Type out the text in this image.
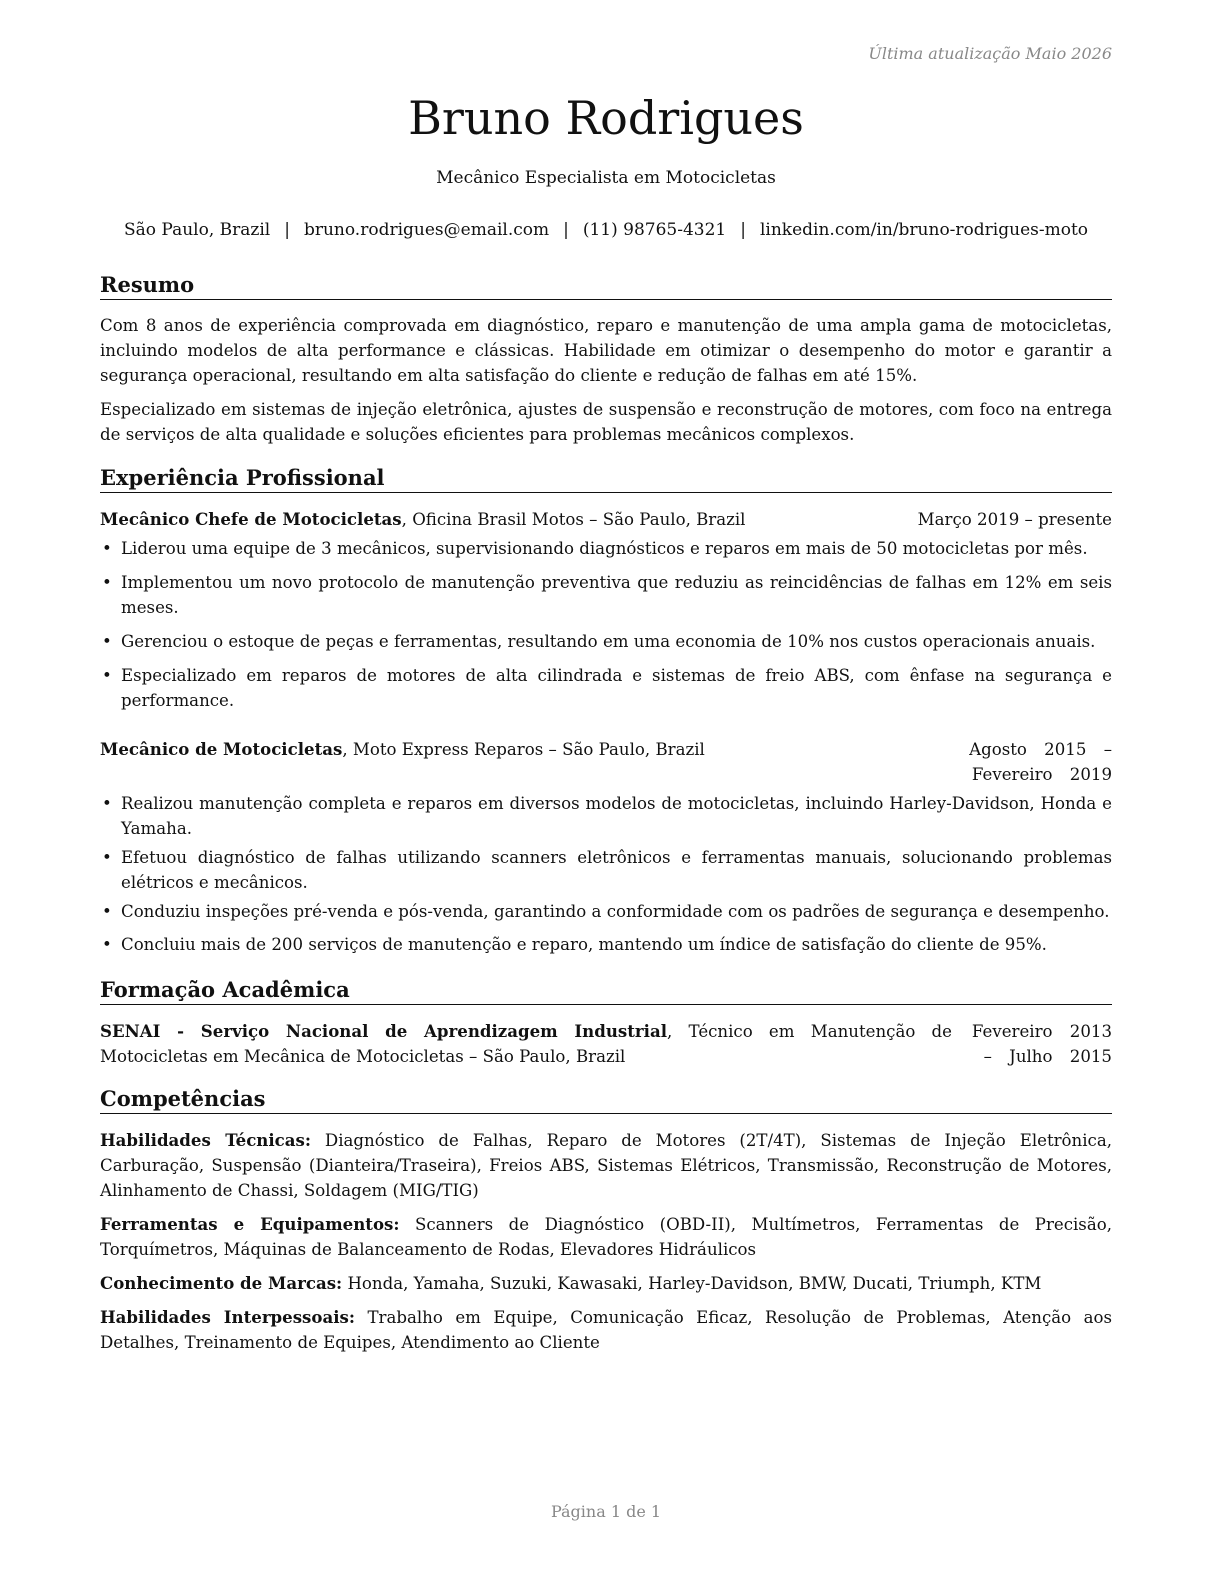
Última atualização Maio 2026
Bruno Rodrigues
Mecânico Especialista em Motocicletas
São Paulo, Brazil | bruno.rodrigues@email.com | (11) 98765-4321 | linkedin.com/in/bruno-rodrigues-moto
Resumo

Com 8 anos de experiência comprovada em diagnóstico, reparo e manutenção de uma ampla gama de motocicletas, incluindo modelos de alta performance e clássicas. Habilidade em otimizar o desempenho do motor e garantir a segurança operacional, resultando em alta satisfação do cliente e redução de falhas em até 15%.

Especializado em sistemas de injeção eletrônica, ajustes de suspensão e reconstrução de motores, com foco na entrega de serviços de alta qualidade e soluções eficientes para problemas mecânicos complexos.

Experiência Profissional
Mecânico Chefe de Motocicletas, Oficina Brasil Motos – São Paulo, Brazil	Março 2019 – presente
• Liderou uma equipe de 3 mecânicos, supervisionando diagnósticos e reparos em mais de 50 motocicletas por mês.
• Implementou um novo protocolo de manutenção preventiva que reduziu as reincidências de falhas em 12% em seis meses.
• Gerenciou o estoque de peças e ferramentas, resultando em uma economia de 10% nos custos operacionais anuais.
• Especializado em reparos de motores de alta cilindrada e sistemas de freio ABS, com ênfase na segurança e performance.
Mecânico de Motocicletas, Moto Express Reparos – São Paulo, Brazil	Agosto 2015 – Fevereiro 2019
• Realizou manutenção completa e reparos em diversos modelos de motocicletas, incluindo Harley-Davidson, Honda e Yamaha.
• Efetuou diagnóstico de falhas utilizando scanners eletrônicos e ferramentas manuais, solucionando problemas elétricos e mecânicos.
• Conduziu inspeções pré-venda e pós-venda, garantindo a conformidade com os padrões de segurança e desempenho.
• Concluiu mais de 200 serviços de manutenção e reparo, mantendo um índice de satisfação do cliente de 95%.
Formação Acadêmica
SENAI - Serviço Nacional de Aprendizagem Industrial, Técnico em Manutenção de Motocicletas em Mecânica de Motocicletas – São Paulo, Brazil
Fevereiro 2013 – Julho 2015
Competências

Habilidades Técnicas: Diagnóstico de Falhas, Reparo de Motores (2T/4T), Sistemas de Injeção Eletrônica, Carburação, Suspensão (Dianteira/Traseira), Freios ABS, Sistemas Elétricos, Transmissão, Reconstrução de Motores, Alinhamento de Chassi, Soldagem (MIG/TIG)

Ferramentas e Equipamentos: Scanners de Diagnóstico (OBD-II), Multímetros, Ferramentas de Precisão, Torquímetros, Máquinas de Balanceamento de Rodas, Elevadores Hidráulicos

Conhecimento de Marcas: Honda, Yamaha, Suzuki, Kawasaki, Harley-Davidson, BMW, Ducati, Triumph, KTM

Habilidades Interpessoais: Trabalho em Equipe, Comunicação Eficaz, Resolução de Problemas, Atenção aos Detalhes, Treinamento de Equipes, Atendimento ao Cliente

Página 1 de 1
